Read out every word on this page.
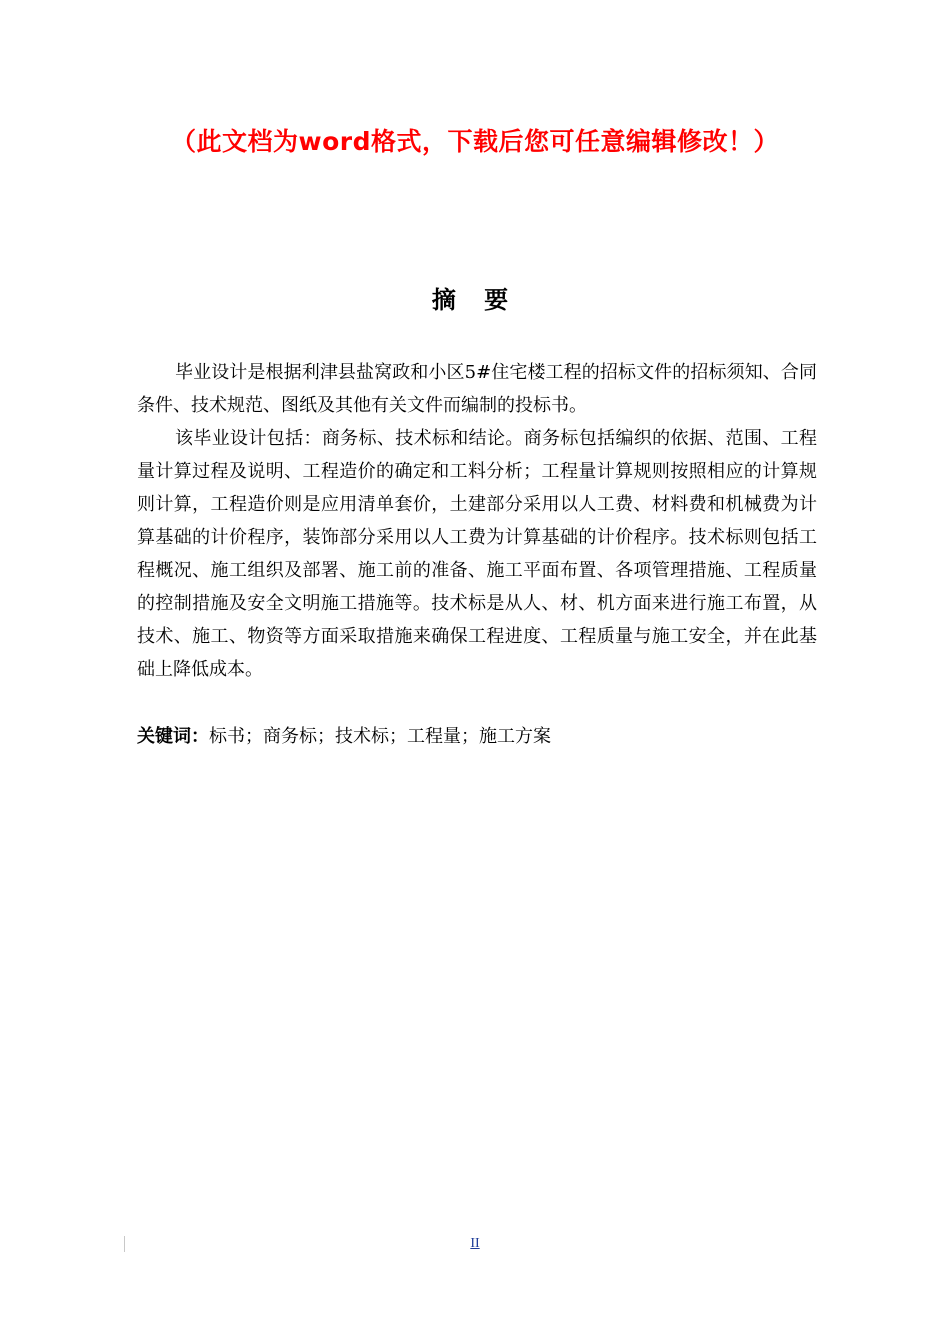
（此文档为word格式，下载后您可任意编辑修改！）
摘 要

毕业设计是根据利津县盐窝政和小区5#住宅楼工程的招标文件的招标须知、合同条件、技术规范、图纸及其他有关文件而编制的投标书。

该毕业设计包括：商务标、技术标和结论。商务标包括编织的依据、范围、工程量计算过程及说明、工程造价的确定和工料分析；工程量计算规则按照相应的计算规则计算，工程造价则是应用清单套价，土建部分采用以人工费、材料费和机械费为计算基础的计价程序，装饰部分采用以人工费为计算基础的计价程序。技术标则包括工程概况、施工组织及部署、施工前的准备、施工平面布置、各项管理措施、工程质量的控制措施及安全文明施工措施等。技术标是从人、材、机方面来进行施工布置，从技术、施工、物资等方面采取措施来确保工程进度、工程质量与施工安全，并在此基础上降低成本。

关键词：标书；商务标；技术标；工程量；施工方案
II
